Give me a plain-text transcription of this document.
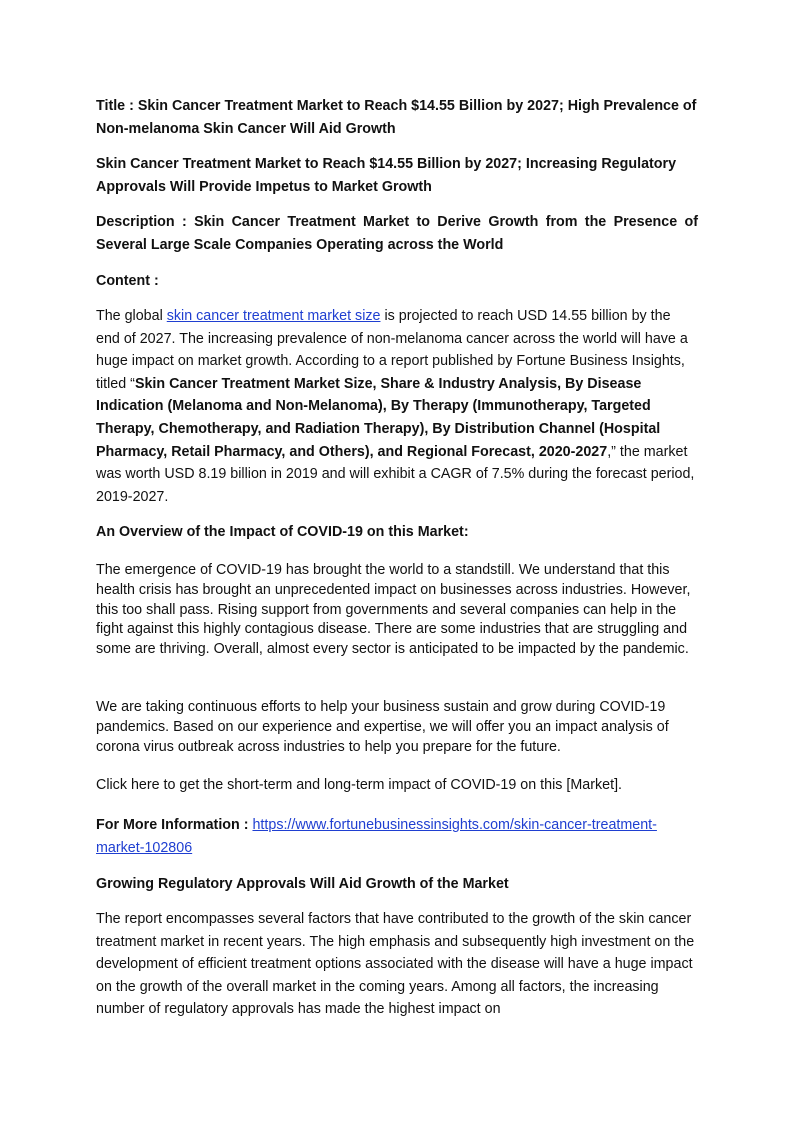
Title : Skin Cancer Treatment Market to Reach $14.55 Billion by 2027; High Prevalence of Non-melanoma Skin Cancer Will Aid Growth

Skin Cancer Treatment Market to Reach $14.55 Billion by 2027; Increasing Regulatory Approvals Will Provide Impetus to Market Growth

Description : Skin Cancer Treatment Market to Derive Growth from the Presence of Several Large Scale Companies Operating across the World

Content :

The global skin cancer treatment market size is projected to reach USD 14.55 billion by the end of 2027. The increasing prevalence of non-melanoma cancer across the world will have a huge impact on market growth. According to a report published by Fortune Business Insights, titled “Skin Cancer Treatment Market Size, Share & Industry Analysis, By Disease Indication (Melanoma and Non-Melanoma), By Therapy (Immunotherapy, Targeted Therapy, Chemotherapy, and Radiation Therapy), By Distribution Channel (Hospital Pharmacy, Retail Pharmacy, and Others), and Regional Forecast, 2020-2027,” the market was worth USD 8.19 billion in 2019 and will exhibit a CAGR of 7.5% during the forecast period, 2019-2027.

An Overview of the Impact of COVID-19 on this Market:

The emergence of COVID-19 has brought the world to a standstill. We understand that this health crisis has brought an unprecedented impact on businesses across industries. However, this too shall pass. Rising support from governments and several companies can help in the fight against this highly contagious disease. There are some industries that are struggling and some are thriving. Overall, almost every sector is anticipated to be impacted by the pandemic.

We are taking continuous efforts to help your business sustain and grow during COVID-19 pandemics. Based on our experience and expertise, we will offer you an impact analysis of corona virus outbreak across industries to help you prepare for the future.

Click here to get the short-term and long-term impact of COVID-19 on this [Market].

For More Information : https://www.fortunebusinessinsights.com/skin-cancer-treatment-market-102806

Growing Regulatory Approvals Will Aid Growth of the Market

The report encompasses several factors that have contributed to the growth of the skin cancer treatment market in recent years. The high emphasis and subsequently high investment on the development of efficient treatment options associated with the disease will have a huge impact on the growth of the overall market in the coming years. Among all factors, the increasing number of regulatory approvals has made the highest impact on
